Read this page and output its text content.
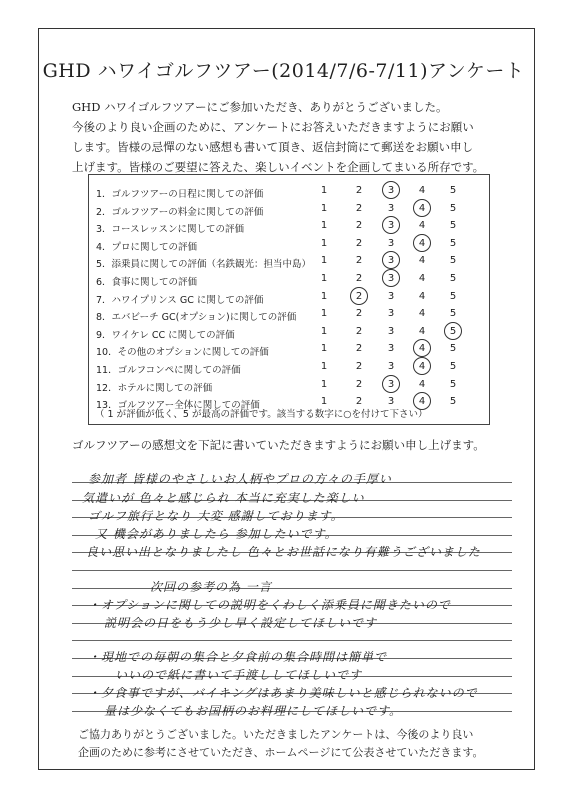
GHD ハワイゴルフツアー(2014/7/6-7/11)アンケート
GHD ハワイゴルフツアーにご参加いただき、ありがとうございました。
今後のより良い企画のために、アンケートにお答えいただきますようにお願い
します。皆様の忌憚のない感想も書いて頂き、返信封筒にて郵送をお願い申し
上げます。皆様のご要望に答えた、楽しいイベントを企画してまいる所存です。
（ 1 が評価が低く、5 が最高の評価です。該当する数字に○を付けて下さい）
1．ゴルフツアーの日程に関しての評価	1	2	3	4	5
2．ゴルフツアーの料金に関しての評価	1	2	3	4	5
3．コースレッスンに関しての評価	1	2	3	4	5
4．プロに関しての評価	1	2	3	4	5
5．添乗員に関しての評価（名鉄観光：担当中島） 1	2	3	4	5
6．食事に関しての評価	1	2	3	4	5
7．ハワイプリンス GC に関しての評価	1	2	3	4	5
8．エバビーチ GC(オプション)に関しての評価	1	2	3	4	5
9．ワイケレ CC に関しての評価	1	2	3	4	5
10．その他のオプションに関しての評価	1	2	3	4	5
11．ゴルフコンペに関しての評価	1	2	3	4	5
12．ホテルに関しての評価	1	2	3	4	5
13．ゴルフツアー全体に関しての評価	1	2	3	4	5
ゴルフツアーの感想文を下記に書いていただきますようにお願い申し上げます。
参加者 皆様のやさしいお人柄やプロの方々の手厚い
気遣いが 色々と感じられ 本当に充実した楽しい
ゴルフ旅行となり 大変 感謝しております。
又 機会がありましたら 参加したいです。
良い思い出となりましたし 色々とお世話になり有難うございました
次回の参考の為 一言
・オプションに関しての説明をくわしく添乗員に聞きたいので
説明会の日をもう少し早く設定してほしいです
・現地での毎朝の集合と夕食前の集合時間は簡単で
いいので紙に書いて手渡ししてほしいです
・夕食事ですが、バイキングはあまり美味しいと感じられないので
量は少なくてもお国柄のお料理にしてほしいです。
ご協力ありがとうございました。いただきましたアンケートは、今後のより良い
企画のために参考にさせていただき、ホームページにて公表させていただきます。
